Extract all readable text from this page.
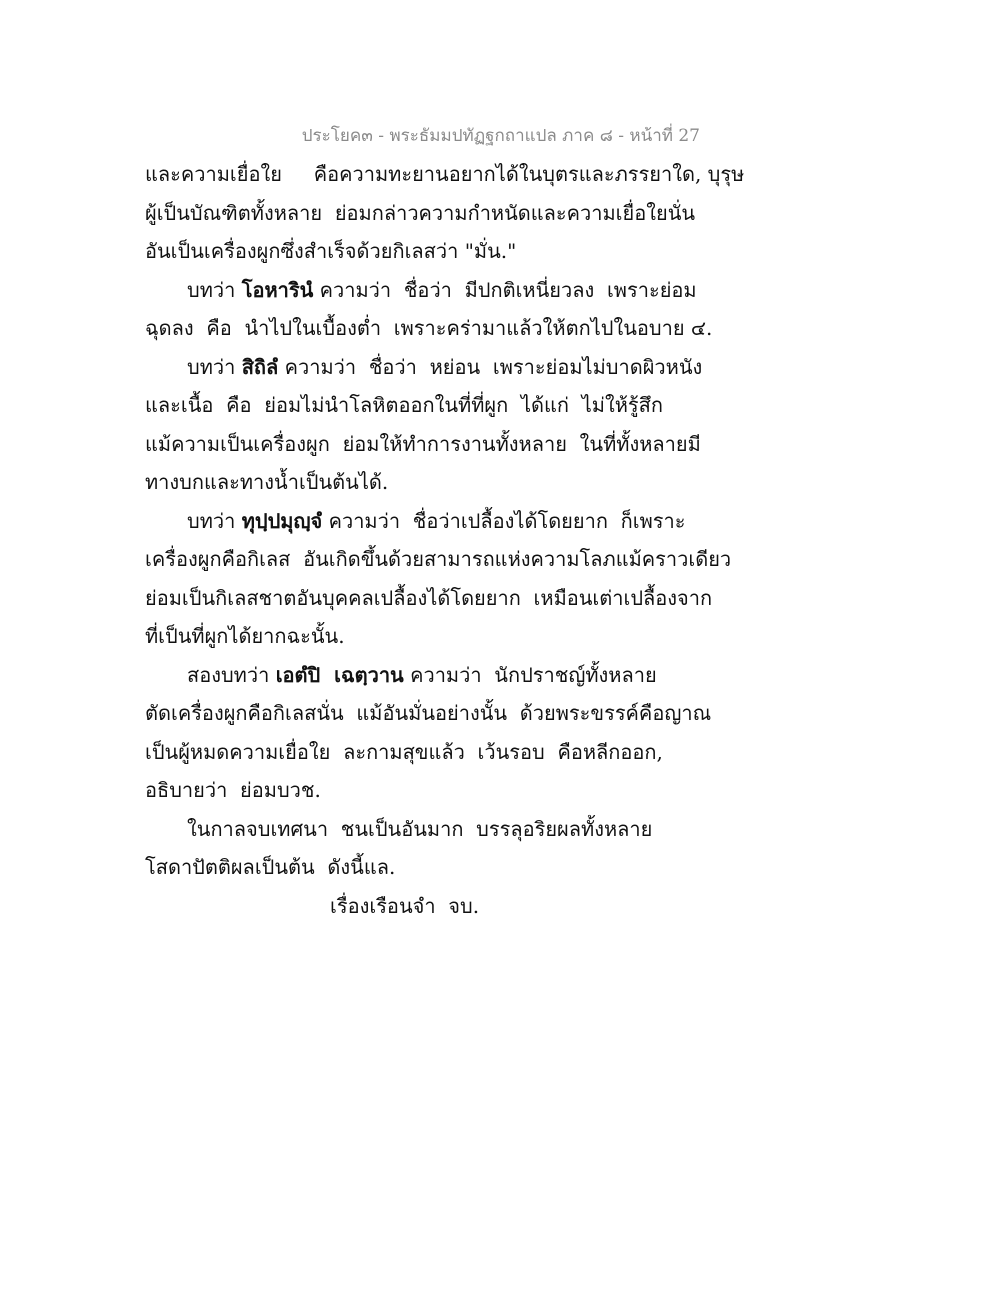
ประโยค๓ - พระธัมมปทัฏฐกถาแปล ภาค ๘ - หน้าที่ 27
และความเยื่อใย     คือความทะยานอยากได้ในบุตรและภรรยาใด, บุรุษ
ผู้เป็นบัณฑิตทั้งหลาย  ย่อมกล่าวความกำหนัดและความเยื่อใยนั่น
อันเป็นเครื่องผูกซึ่งสำเร็จด้วยกิเลสว่า "มั่น."
บทว่า โอหารินํ ความว่า  ชื่อว่า  มีปกติเหนี่ยวลง  เพราะย่อม
ฉุดลง  คือ  นำไปในเบื้องต่ำ  เพราะคร่ามาแล้วให้ตกไปในอบาย ๔.
บทว่า สิถิลํ ความว่า  ชื่อว่า  หย่อน  เพราะย่อมไม่บาดผิวหนัง
และเนื้อ  คือ  ย่อมไม่นำโลหิตออกในที่ที่ผูก  ได้แก่  ไม่ให้รู้สึก
แม้ความเป็นเครื่องผูก  ย่อมให้ทำการงานทั้งหลาย  ในที่ทั้งหลายมี
ทางบกและทางน้ำเป็นต้นได้.
บทว่า ทุปฺปมุญฺจํ ความว่า  ชื่อว่าเปลื้องได้โดยยาก  ก็เพราะ
เครื่องผูกคือกิเลส  อันเกิดขึ้นด้วยสามารถแห่งความโลภแม้คราวเดียว
ย่อมเป็นกิเลสชาตอันบุคคลเปลื้องได้โดยยาก  เหมือนเต่าเปลื้องจาก
ที่เป็นที่ผูกได้ยากฉะนั้น.
สองบทว่า เอตํปิ  เฉตฺวาน ความว่า  นักปราชญ์ทั้งหลาย
ตัดเครื่องผูกคือกิเลสนั่น  แม้อันมั่นอย่างนั้น  ด้วยพระขรรค์คือญาณ
เป็นผู้หมดความเยื่อใย  ละกามสุขแล้ว  เว้นรอบ  คือหลีกออก,
อธิบายว่า  ย่อมบวช.
ในกาลจบเทศนา  ชนเป็นอันมาก  บรรลุอริยผลทั้งหลาย
โสดาปัตติผลเป็นต้น  ดังนี้แล.
เรื่องเรือนจำ  จบ.
